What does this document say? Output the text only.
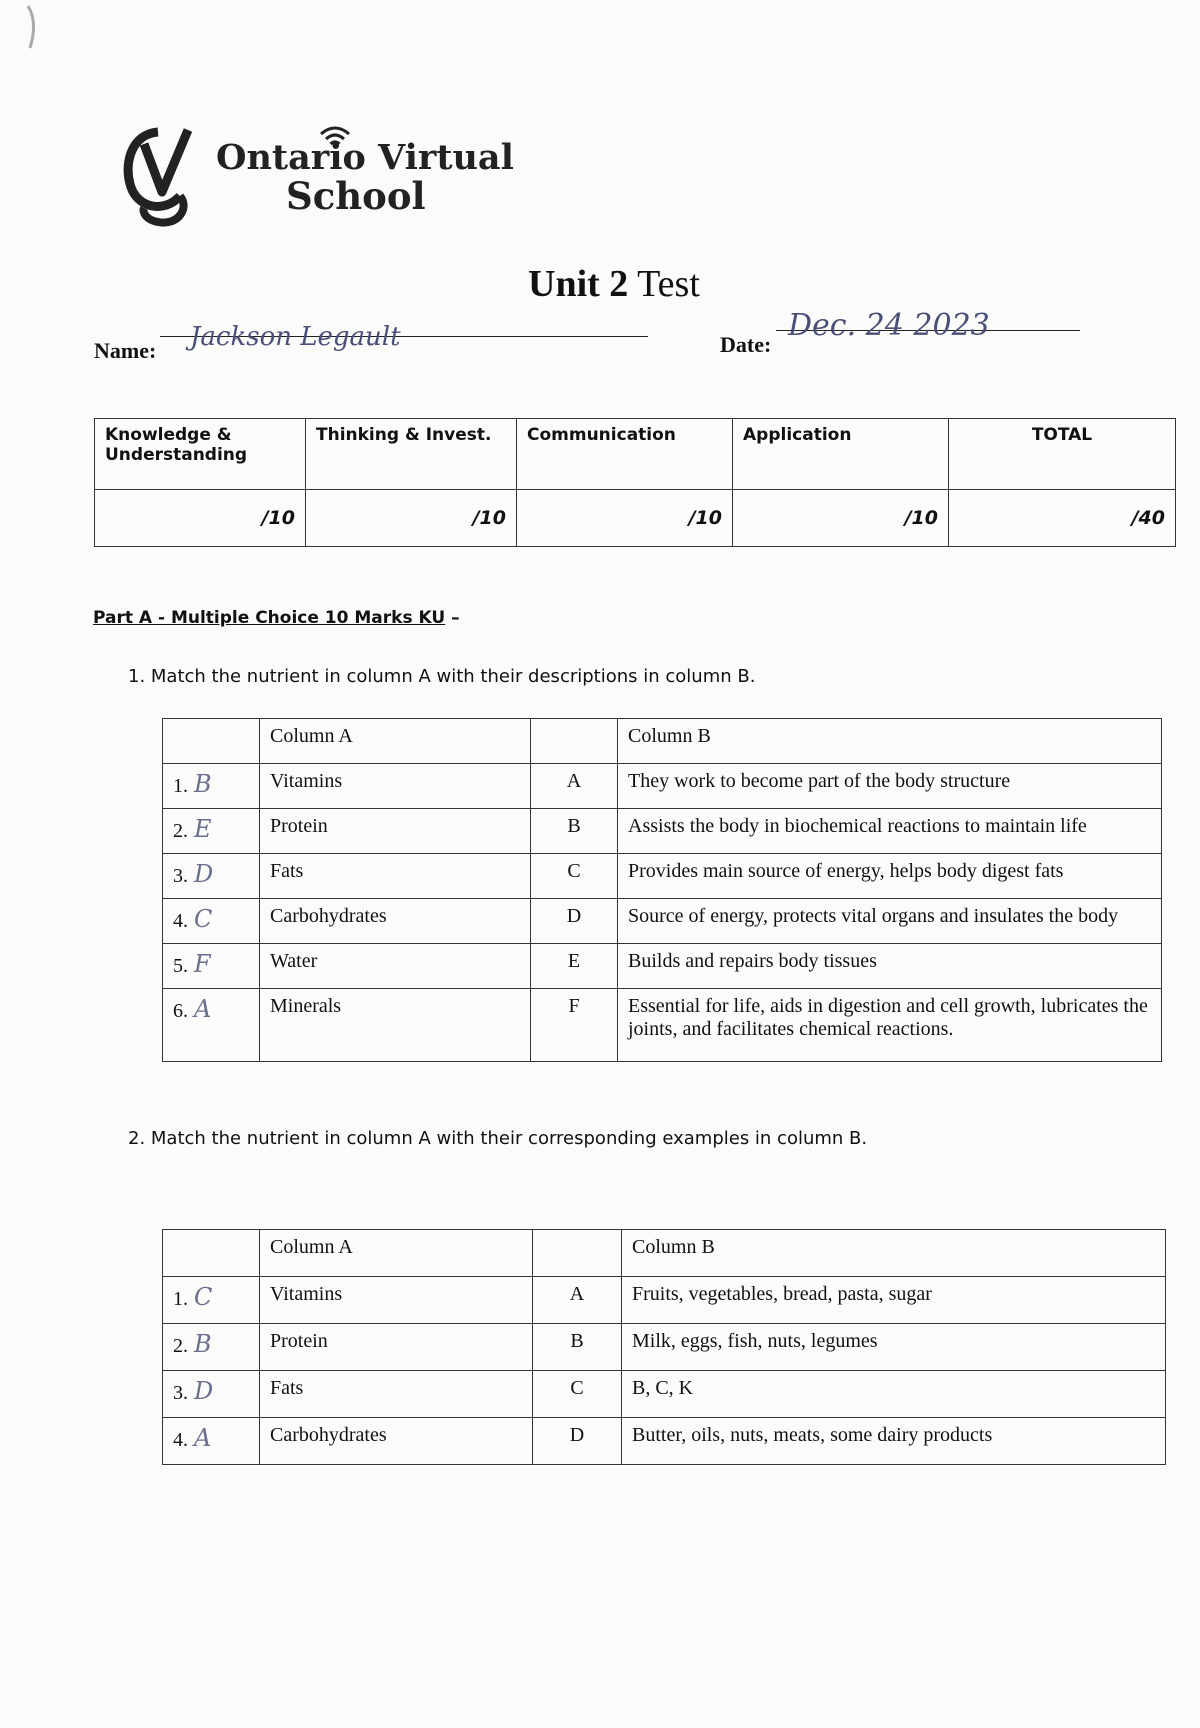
Ontario Virtual
School
Unit 2 Test
Name: Jackson Legault	Date:
Dec. 24 2023
Knowledge &
Understanding	Thinking & Invest.	Communication	Application	TOTAL
/10	/10	/10	/10	/40
Part A - Multiple Choice 10 Marks KU –
1. Match the nutrient in column A with their descriptions in column B.
	Column A		Column B
1. B	Vitamins	A	They work to become part of the body structure
2. E	Protein	B	Assists the body in biochemical reactions to maintain life
3. D	Fats	C	Provides main source of energy, helps body digest fats
4. C	Carbohydrates	D	Source of energy, protects vital organs and insulates the body
5. F	Water	E	Builds and repairs body tissues
6. A	Minerals	F	Essential for life, aids in digestion and cell growth, lubricates the joints, and facilitates chemical reactions.
2. Match the nutrient in column A with their corresponding examples in column B.
	Column A		Column B
1. C	Vitamins	A	Fruits, vegetables, bread, pasta, sugar
2. B	Protein	B	Milk, eggs, fish, nuts, legumes
3. D	Fats	C	B, C, K
4. A	Carbohydrates	D	Butter, oils, nuts, meats, some dairy products
